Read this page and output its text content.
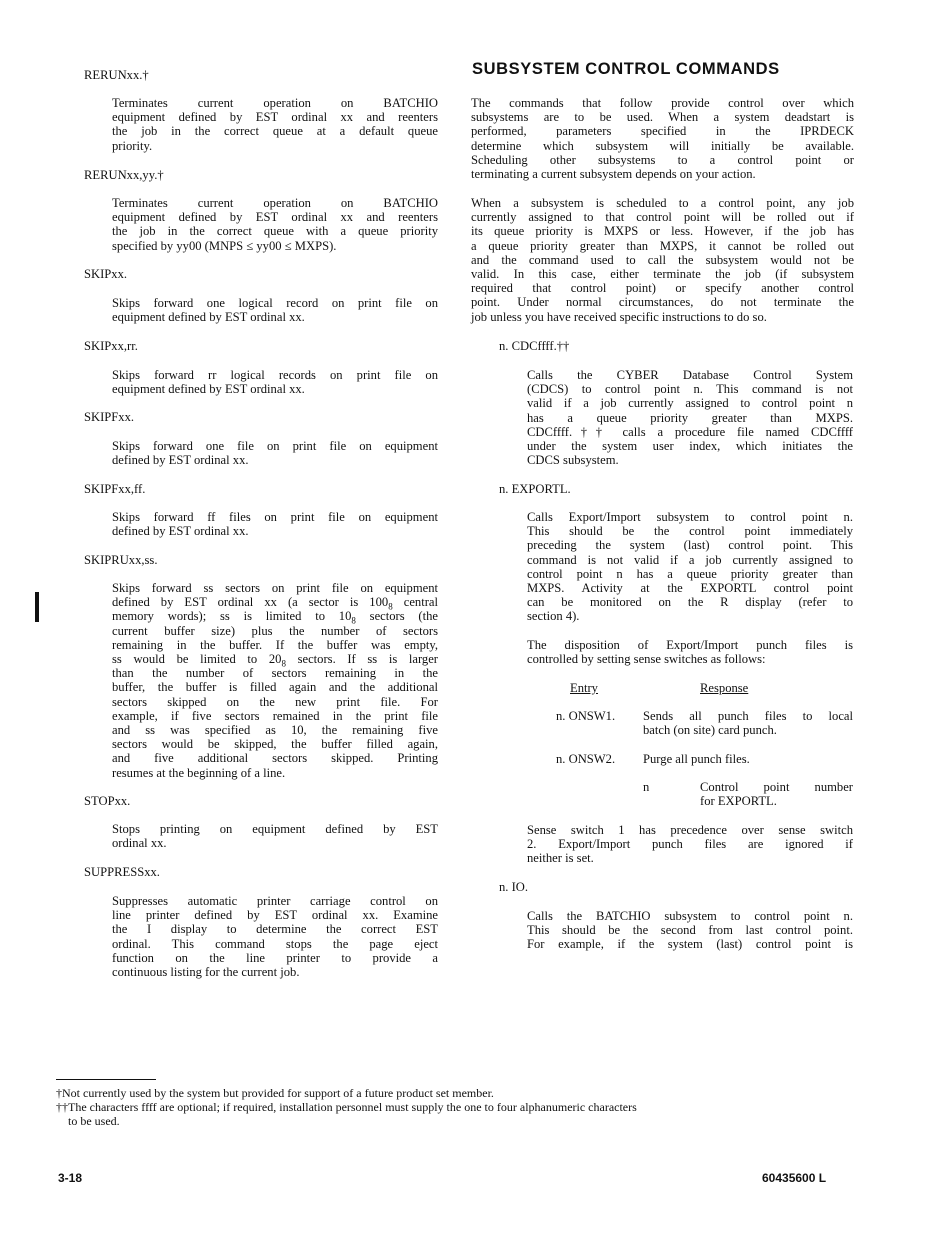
RERUNxx.†
Terminates current operation on BATCHIO
equipment defined by EST ordinal xx and reenters
the job in the correct queue at a default queue
priority.
RERUNxx,yy.†
Terminates current operation on BATCHIO
equipment defined by EST ordinal xx and reenters
the job in the correct queue with a queue priority
specified by yy00 (MNPS ≤ yy00 ≤ MXPS).
SKIPxx.
Skips forward one logical record on print file on
equipment defined by EST ordinal xx.
SKIPxx,rr.
Skips forward rr logical records on print file on
equipment defined by EST ordinal xx.
SKIPFxx.
Skips forward one file on print file on equipment
defined by EST ordinal xx.
SKIPFxx,ff.
Skips forward ff files on print file on equipment
defined by EST ordinal xx.
SKIPRUxx,ss.
Skips forward ss sectors on print file on equipment
defined by EST ordinal xx (a sector is $100_8$ central
memory words); ss is limited to $10_8$ sectors (the
current buffer size) plus the number of sectors
remaining in the buffer. If the buffer was empty,
ss would be limited to $20_8$ sectors. If ss is larger
than the number of sectors remaining in the
buffer, the buffer is filled again and the additional
sectors skipped on the new print file. For
example, if five sectors remained in the print file
and ss was specified as 10, the remaining five
sectors would be skipped, the buffer filled again,
and five additional sectors skipped. Printing
resumes at the beginning of a line.
STOPxx.
Stops printing on equipment defined by EST
ordinal xx.
SUPPRESSxx.
Suppresses automatic printer carriage control on
line printer defined by EST ordinal xx. Examine
the I display to determine the correct EST
ordinal. This command stops the page eject
function on the line printer to provide a
continuous listing for the current job.
SUBSYSTEM CONTROL COMMANDS
The commands that follow provide control over which
subsystems are to be used. When a system deadstart is
performed, parameters specified in the IPRDECK
determine which subsystem will initially be available.
Scheduling other subsystems to a control point or
terminating a current subsystem depends on your action.
When a subsystem is scheduled to a control point, any job
currently assigned to that control point will be rolled out if
its queue priority is MXPS or less. However, if the job has
a queue priority greater than MXPS, it cannot be rolled out
and the command used to call the subsystem would not be
valid. In this case, either terminate the job (if subsystem
required that control point) or specify another control
point. Under normal circumstances, do not terminate the
job unless you have received specific instructions to do so.
n. CDCffff.††
Calls the CYBER Database Control System
(CDCS) to control point n. This command is not
valid if a job currently assigned to control point n
has a queue priority greater than MXPS.
CDCffff.†† calls a procedure file named CDCffff
under the system user index, which initiates the
CDCS subsystem.
n. EXPORTL.
Calls Export/Import subsystem to control point n.
This should be the control point immediately
preceding the system (last) control point. This
command is not valid if a job currently assigned to
control point n has a queue priority greater than
MXPS. Activity at the EXPORTL control point
can be monitored on the R display (refer to
section 4).
The disposition of Export/Import punch files is
controlled by setting sense switches as follows:
Entry	Response
n. ONSW1. Sends all punch files to local
batch (on site) card punch.
n. ONSW2. Purge all punch files.
n	Control point number
for EXPORTL.
Sense switch 1 has precedence over sense switch
2. Export/Import punch files are ignored if
neither is set.
n. IO.
Calls the BATCHIO subsystem to control point n.
This should be the second from last control point.
For example, if the system (last) control point is
†Not currently used by the system but provided for support of a future product set member.
††The characters ffff are optional; if required, installation personnel must supply the one to four alphanumeric characters
to be used.
3-18	60435600 L
